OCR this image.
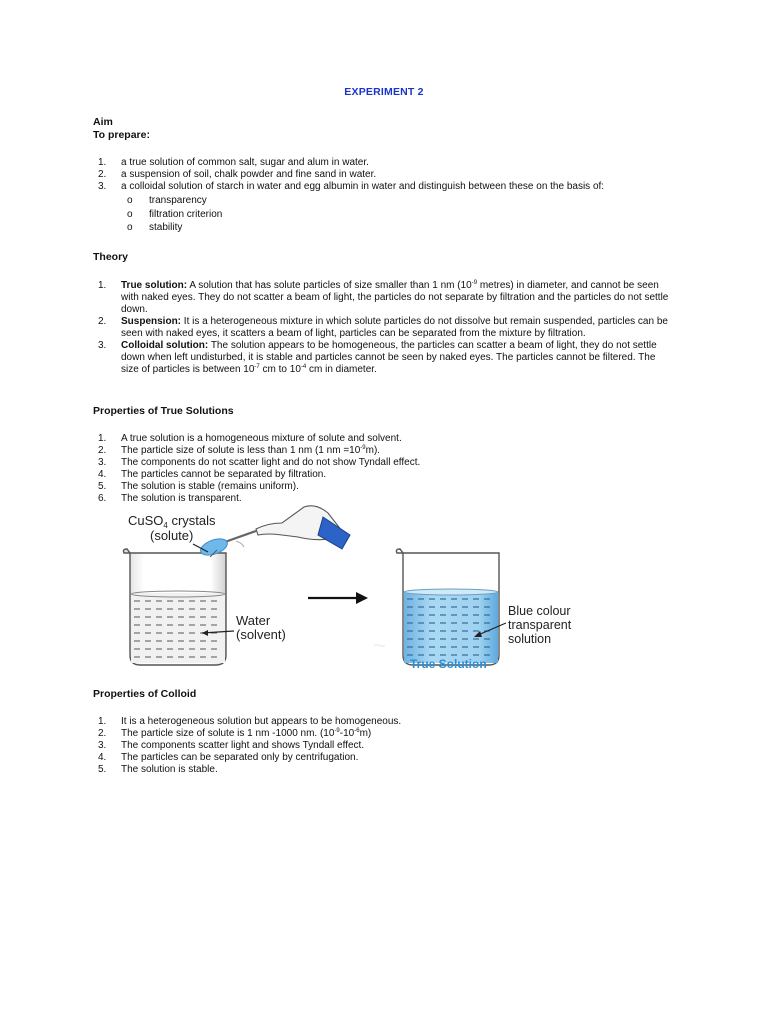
EXPERIMENT 2
Aim
To prepare:
1. a true solution of common salt, sugar and alum in water.
2. a suspension of soil, chalk powder and fine sand in water.
3. a colloidal solution of starch in water and egg albumin in water and distinguish between these on the basis of:
o transparency
o filtration criterion
o stability
Theory
1. True solution: A solution that has solute particles of size smaller than 1 nm ($10^{-9}$ metres) in diameter, and cannot be seen with naked eyes. They do not scatter a beam of light, the particles do not separate by filtration and the particles do not settle down.
2. Suspension: It is a heterogeneous mixture in which solute particles do not dissolve but remain suspended, particles can be seen with naked eyes, it scatters a beam of light, particles can be separated from the mixture by filtration.
3. Colloidal solution: The solution appears to be homogeneous, the particles can scatter a beam of light, they do not settle down when left undisturbed, it is stable and particles cannot be seen by naked eyes. The particles cannot be filtered. The size of particles is between $10^{-7}$ cm to $10^{-4}$ cm in diameter.
Properties of True Solutions
1. A true solution is a homogeneous mixture of solute and solvent.
2. The particle size of solute is less than 1 nm (1 nm $=10^{-9}m$).
3. The components do not scatter light and do not show Tyndall effect.
4. The particles cannot be separated by filtration.
5. The solution is stable (remains uniform).
6. The solution is transparent.
~
CuSO$_4$ crystals
(solute)
Water
(solvent)
Blue colour
transparent
solution
True Solution
Properties of Colloid
1. It is a heterogeneous solution but appears to be homogeneous.
2. The particle size of solute is 1 nm -1000 nm. $(10^{-9}-10^{-6}m)$
3. The components scatter light and shows Tyndall effect.
4. The particles can be separated only by centrifugation.
5. The solution is stable.
